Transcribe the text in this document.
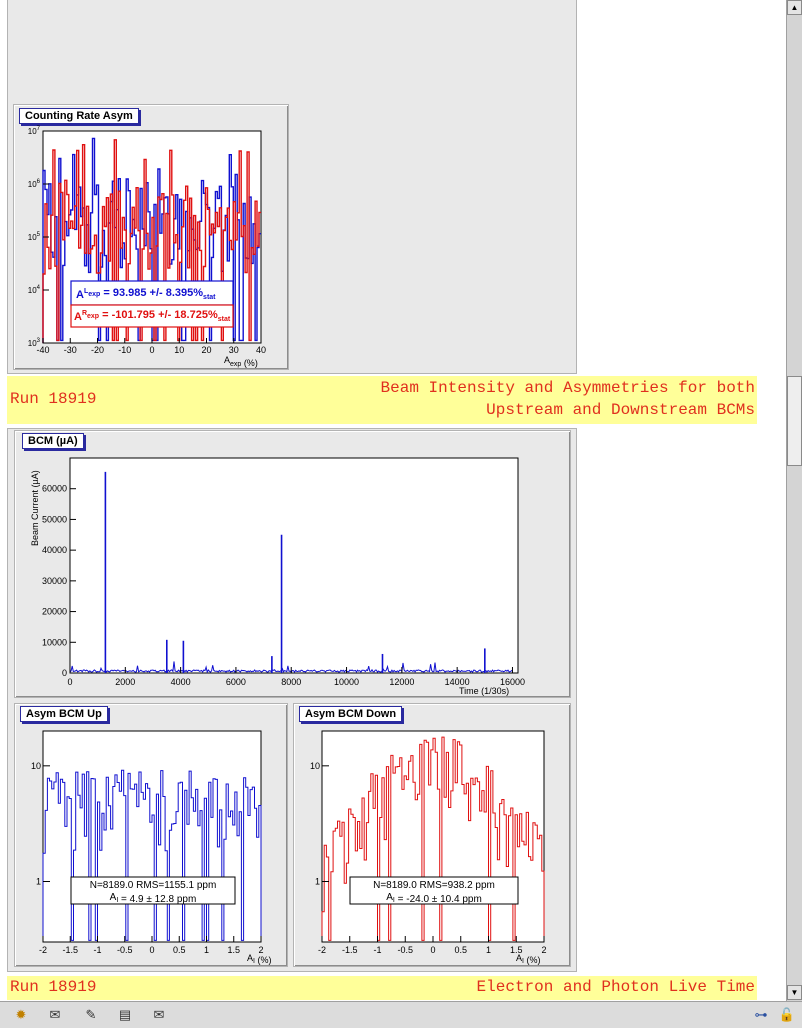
Counting Rate Asym
-40 -30 -20 -10 0 10 20 30 40
$10^3$
$10^4$
$10^5$
$10^6$
$10^7$
$A^L_{exp} = 93.985$ +/- $8.395\%_{stat}$
$A^R_{exp} = -101.795$ +/- $18.725\%_{stat}$
$A_{exp}$ (%)
Run 18919
Beam Intensity and Asymmetries for both
Upstream and Downstream BCMs
BCM (µA)
0	2000	4000	6000	8000	10000	12000	14000	16000
0
10000
20000
30000
40000
50000
60000
Beam Current (µA)
Time (1/30s)
Asym BCM Up
-2 -1.5 -1 -0.5 0 0.5 1 1.5 2
1
10
N=8189.0 RMS=1155.1 ppm
$A_I = 4.9 \pm 12.8$ ppm
$A_I$ (%)
Asym BCM Down
-2 -1.5 -1 -0.5 0 0.5 1 1.5 2
1
10
N=8189.0 RMS=938.2 ppm
$A_I = -24.0 \pm 10.4$ ppm
$A_I$ (%)
Run 18919	Electron and Photon Live Time
▲
▼
✹	✉	✎	▤	✉	⊶ 🔓
